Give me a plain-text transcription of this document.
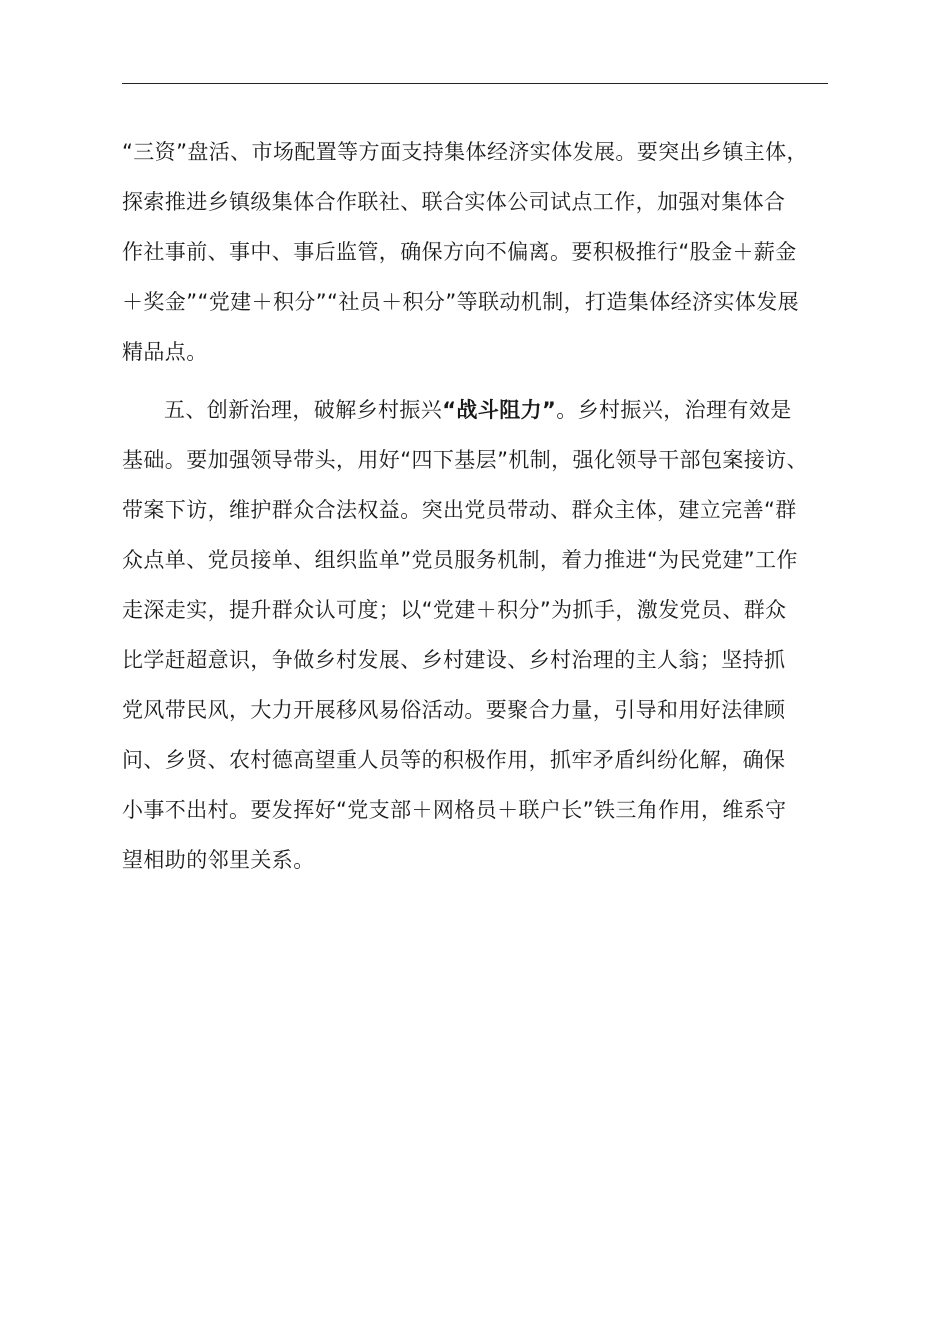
“三资”盘活、市场配置等方面支持集体经济实体发展。要突出乡镇主体，
探索推进乡镇级集体合作联社、联合实体公司试点工作，加强对集体合
作社事前、事中、事后监管，确保方向不偏离。要积极推行“股金＋薪金
＋奖金”“党建＋积分”“社员＋积分”等联动机制，打造集体经济实体发展
精品点。

五、创新治理，破解乡村振兴“战斗阻力”。乡村振兴，治理有效是
基础。要加强领导带头，用好“四下基层”机制，强化领导干部包案接访、
带案下访，维护群众合法权益。突出党员带动、群众主体，建立完善“群
众点单、党员接单、组织监单”党员服务机制，着力推进“为民党建”工作
走深走实，提升群众认可度；以“党建＋积分”为抓手，激发党员、群众
比学赶超意识，争做乡村发展、乡村建设、乡村治理的主人翁；坚持抓
党风带民风，大力开展移风易俗活动。要聚合力量，引导和用好法律顾
问、乡贤、农村德高望重人员等的积极作用，抓牢矛盾纠纷化解，确保
小事不出村。要发挥好“党支部＋网格员＋联户长”铁三角作用，维系守
望相助的邻里关系。
